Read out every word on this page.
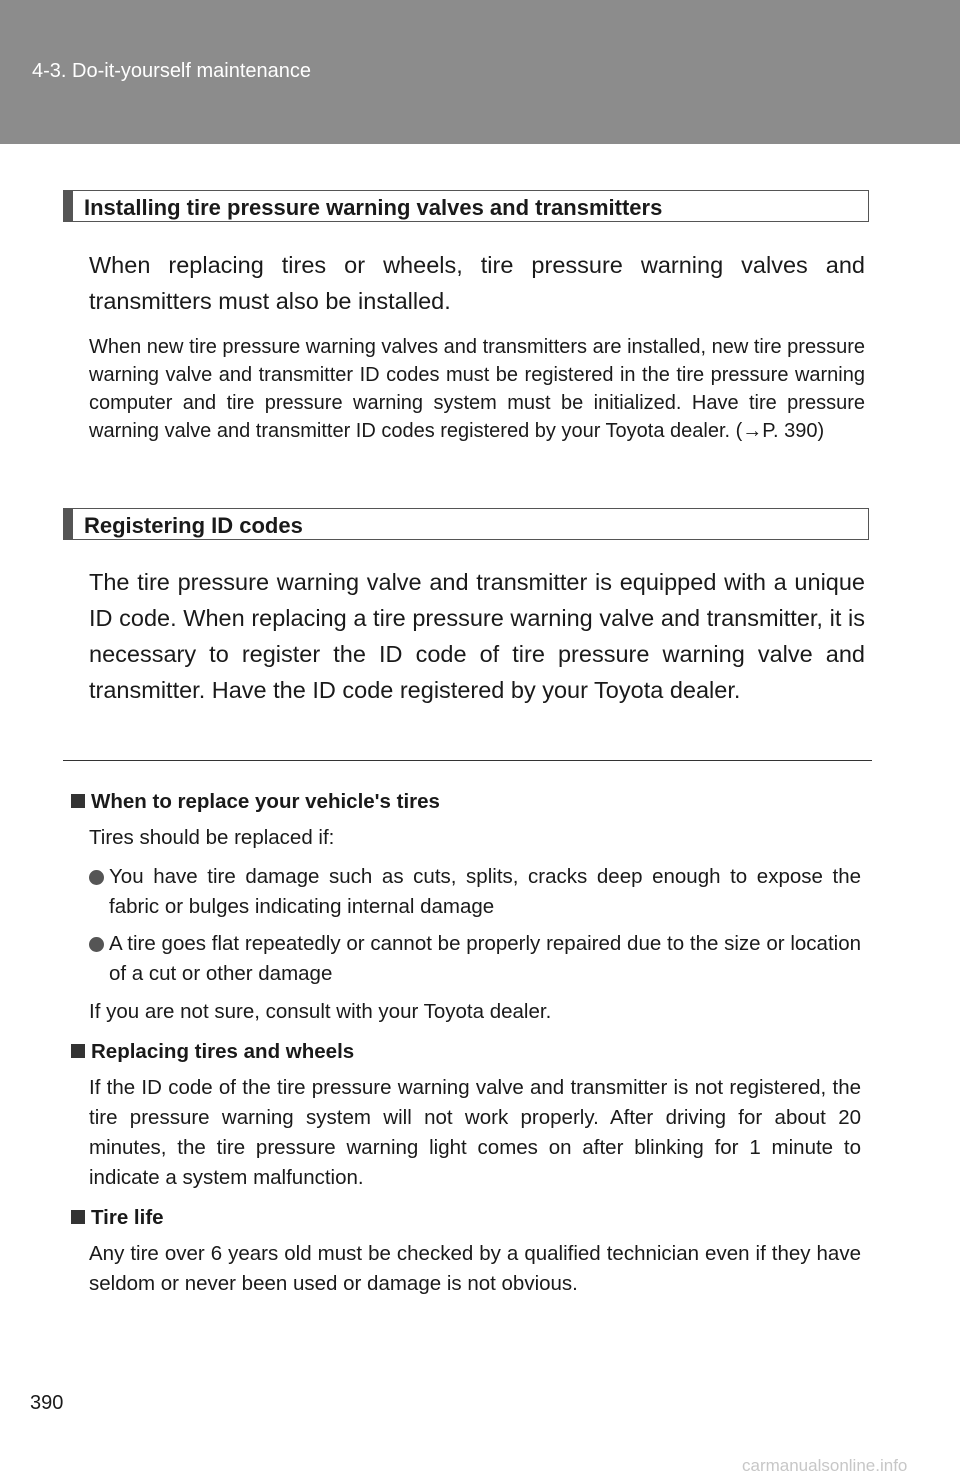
4-3. Do-it-yourself maintenance
Installing tire pressure warning valves and transmitters
When replacing tires or wheels, tire pressure warning valves and transmitters must also be installed.
When new tire pressure warning valves and transmitters are installed, new tire pressure warning valve and transmitter ID codes must be registered in the tire pressure warning computer and tire pressure warning system must be initialized. Have tire pressure warning valve and transmitter ID codes registered by your Toyota dealer. (→P. 390)
Registering ID codes
The tire pressure warning valve and transmitter is equipped with a unique ID code. When replacing a tire pressure warning valve and transmitter, it is necessary to register the ID code of tire pressure warning valve and transmitter. Have the ID code registered by your Toyota dealer.
When to replace your vehicle's tires
Tires should be replaced if:
You have tire damage such as cuts, splits, cracks deep enough to expose the fabric or bulges indicating internal damage
A tire goes flat repeatedly or cannot be properly repaired due to the size or location of a cut or other damage
If you are not sure, consult with your Toyota dealer.
Replacing tires and wheels
If the ID code of the tire pressure warning valve and transmitter is not registered, the tire pressure warning system will not work properly. After driving for about 20 minutes, the tire pressure warning light comes on after blinking for 1 minute to indicate a system malfunction.
Tire life
Any tire over 6 years old must be checked by a qualified technician even if they have seldom or never been used or damage is not obvious.
390
carmanualsonline.info
